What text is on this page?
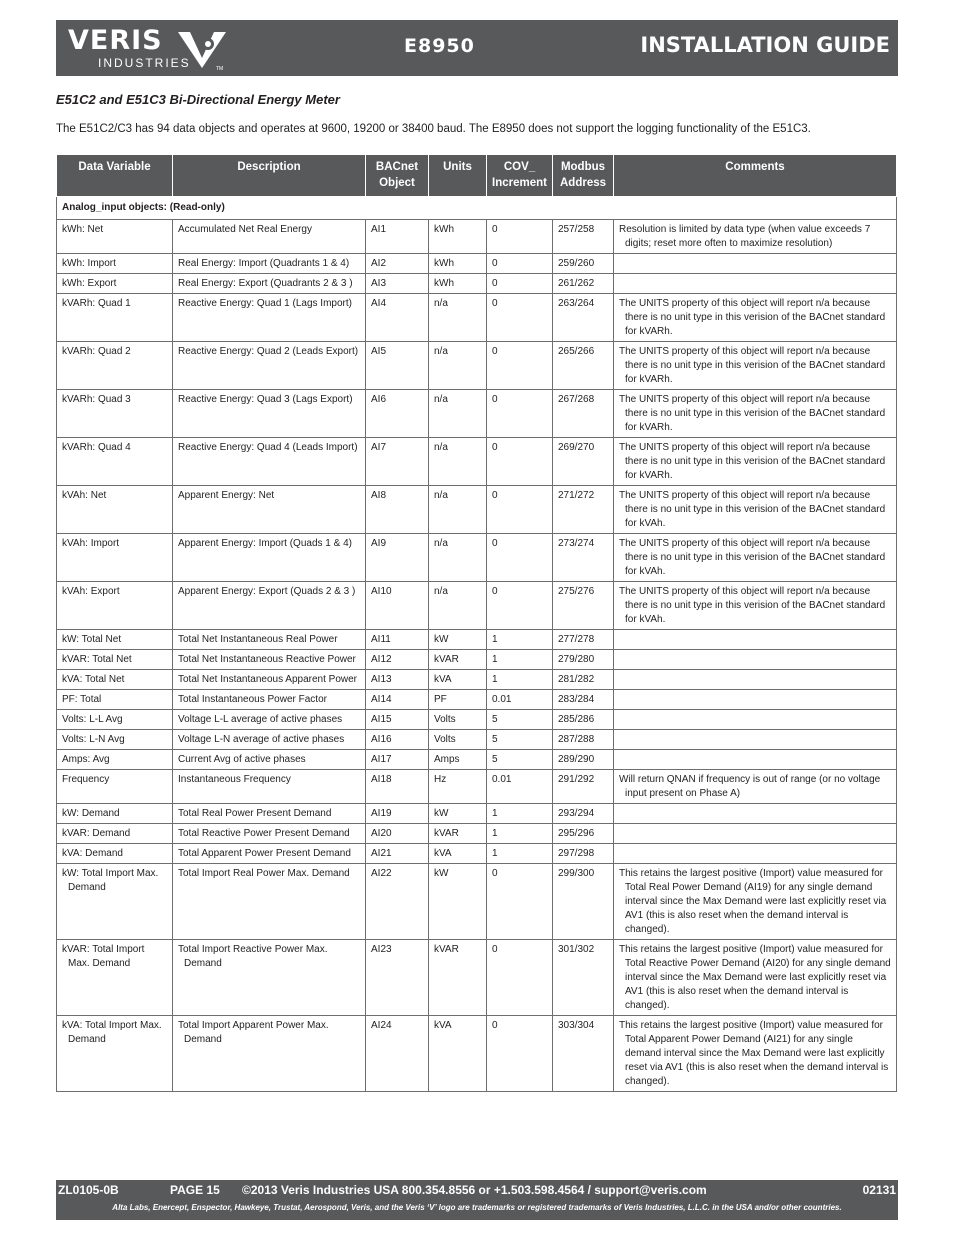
VERIS
INDUSTRIES	TM
E8950	INSTALLATION GUIDE
E51C2 and E51C3 Bi-Directional Energy Meter
The E51C2/C3 has 94 data objects and operates at 9600, 19200 or 38400 baud. The E8950 does not support the logging functionality of the E51C3.
Data Variable	Description	BACnet Object	Units	COV_ Increment	Modbus Address	Comments
Analog_input objects: (Read-only)						

kWh: Net	Accumulated Net Real Energy	AI1	kWh	0	257/258	Resolution is limited by data type (when value exceeds 7 digits; reset more often to maximize resolution)

kWh: Import	Real Energy: Import (Quadrants 1 & 4)	AI2	kWh	0	259/260	

kWh: Export	Real Energy: Export (Quadrants 2 & 3 )	AI3	kWh	0	261/262	

kVARh: Quad 1	Reactive Energy: Quad 1 (Lags Import)	AI4	n/a	0	263/264	The UNITS property of this object will report n/a because there is no unit type in this verision of the BACnet standard for kVARh.

kVARh: Quad 2	Reactive Energy: Quad 2 (Leads Export)	AI5	n/a	0	265/266	The UNITS property of this object will report n/a because there is no unit type in this verision of the BACnet standard for kVARh.

kVARh: Quad 3	Reactive Energy: Quad 3 (Lags Export)	AI6	n/a	0	267/268	The UNITS property of this object will report n/a because there is no unit type in this verision of the BACnet standard for kVARh.

kVARh: Quad 4	Reactive Energy: Quad 4 (Leads Import)	AI7	n/a	0	269/270	The UNITS property of this object will report n/a because there is no unit type in this verision of the BACnet standard for kVARh.

kVAh: Net	Apparent Energy: Net	AI8	n/a	0	271/272	The UNITS property of this object will report n/a because there is no unit type in this verision of the BACnet standard for kVAh.

kVAh: Import	Apparent Energy: Import (Quads 1 & 4)	AI9	n/a	0	273/274	The UNITS property of this object will report n/a because there is no unit type in this verision of the BACnet standard for kVAh.

kVAh: Export	Apparent Energy: Export (Quads 2 & 3 )	AI10	n/a	0	275/276	The UNITS property of this object will report n/a because there is no unit type in this verision of the BACnet standard for kVAh.

kW: Total Net	Total Net Instantaneous Real Power	AI11	kW	1	277/278	

kVAR: Total Net	Total Net Instantaneous Reactive Power	AI12	kVAR	1	279/280	

kVA: Total Net	Total Net Instantaneous Apparent Power	AI13	kVA	1	281/282	

PF: Total	Total Instantaneous Power Factor	AI14	PF	0.01	283/284	

Volts: L-L Avg	Voltage L-L average of active phases	AI15	Volts	5	285/286	

Volts: L-N Avg	Voltage L-N average of active phases	AI16	Volts	5	287/288	

Amps: Avg	Current Avg of active phases	AI17	Amps	5	289/290	

Frequency	Instantaneous Frequency	AI18	Hz	0.01	291/292	Will return QNAN if frequency is out of range (or no voltage input present on Phase A)

kW: Demand	Total Real Power Present Demand	AI19	kW	1	293/294	

kVAR: Demand	Total Reactive Power Present Demand	AI20	kVAR	1	295/296	

kVA: Demand	Total Apparent Power Present Demand	AI21	kVA	1	297/298	

kW: Total Import Max. Demand	Total Import Real Power Max. Demand	AI22	kW	0	299/300	This retains the largest positive (Import) value measured for Total Real Power Demand (AI19) for any single demand interval since the Max Demand were last explicitly reset via AV1 (this is also reset when the demand interval is changed).

kVAR: Total Import Max. Demand	Total Import Reactive Power Max. Demand	AI23	kVAR	0	301/302	This retains the largest positive (Import) value measured for Total Reactive Power Demand (AI20) for any single demand interval since the Max Demand were last explicitly reset via AV1 (this is also reset when the demand interval is changed).

kVA: Total Import Max. Demand	Total Import Apparent Power Max. Demand	AI24	kVA	0	303/304	This retains the largest positive (Import) value measured for Total Apparent Power Demand (AI21) for any single demand interval since the Max Demand were last explicitly reset via AV1 (this is also reset when the demand interval is changed).
ZL0105-0B	PAGE 15 ©2013 Veris Industries USA 800.354.8556 or +1.503.598.4564 / support@veris.com	02131
Alta Labs, Enercept, Enspector, Hawkeye, Trustat, Aerospond, Veris, and the Veris ‘V’ logo are trademarks or registered trademarks of Veris Industries, L.L.C. in the USA and/or other countries.
